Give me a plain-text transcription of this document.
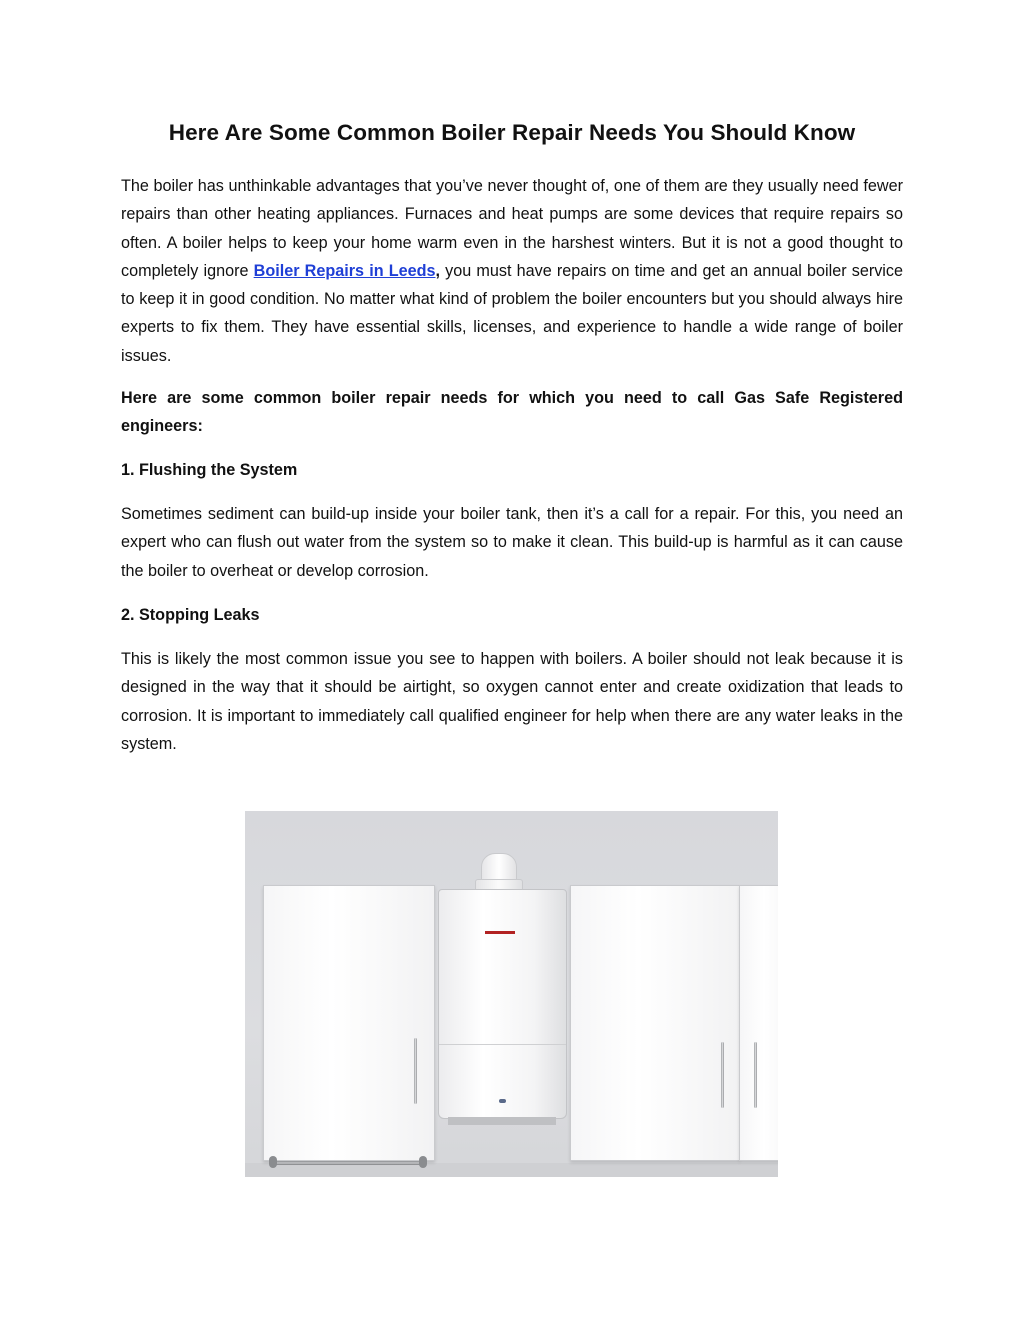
Here Are Some Common Boiler Repair Needs You Should Know

The boiler has unthinkable advantages that you’ve never thought of, one of them are they usually need fewer repairs than other heating appliances. Furnaces and heat pumps are some devices that require repairs so often. A boiler helps to keep your home warm even in the harshest winters. But it is not a good thought to completely ignore Boiler Repairs in Leeds, you must have repairs on time and get an annual boiler service to keep it in good condition. No matter what kind of problem the boiler encounters but you should always hire experts to fix them. They have essential skills, licenses, and experience to handle a wide range of boiler issues.

Here are some common boiler repair needs for which you need to call Gas Safe Registered engineers:

1. Flushing the System

Sometimes sediment can build-up inside your boiler tank, then it’s a call for a repair. For this, you need an expert who can flush out water from the system so to make it clean. This build-up is harmful as it can cause the boiler to overheat or develop corrosion.

2. Stopping Leaks

This is likely the most common issue you see to happen with boilers. A boiler should not leak because it is designed in the way that it should be airtight, so oxygen cannot enter and create oxidization that leads to corrosion. It is important to immediately call qualified engineer for help when there are any water leaks in the system.
